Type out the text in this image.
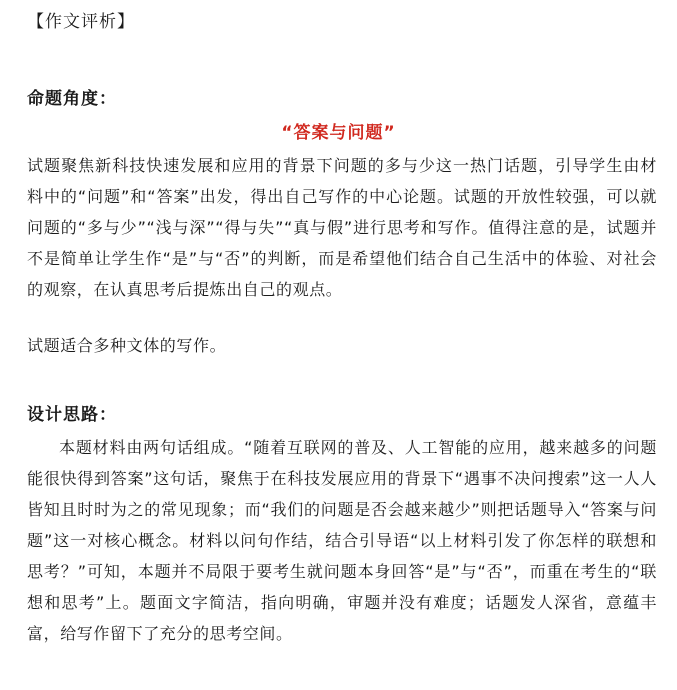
【作文评析】
命题角度：
“答案与问题”
试题聚焦新科技快速发展和应用的背景下问题的多与少这一热门话题，引导学生由材料中的“问题”和“答案”出发，得出自己写作的中心论题。试题的开放性较强，可以就问题的“多与少”“浅与深”“得与失”“真与假”进行思考和写作。值得注意的是，试题并不是简单让学生作“是”与“否”的判断，而是希望他们结合自己生活中的体验、对社会的观察，在认真思考后提炼出自己的观点。
试题适合多种文体的写作。
设计思路：
本题材料由两句话组成。“随着互联网的普及、人工智能的应用，越来越多的问题能很快得到答案”这句话，聚焦于在科技发展应用的背景下“遇事不决问搜索”这一人人皆知且时时为之的常见现象；而“我们的问题是否会越来越少”则把话题导入“答案与问题”这一对核心概念。材料以问句作结，结合引导语“以上材料引发了你怎样的联想和思考？”可知，本题并不局限于要考生就问题本身回答“是”与“否”，而重在考生的“联想和思考”上。题面文字简洁，指向明确，审题并没有难度；话题发人深省，意蕴丰富，给写作留下了充分的思考空间。
